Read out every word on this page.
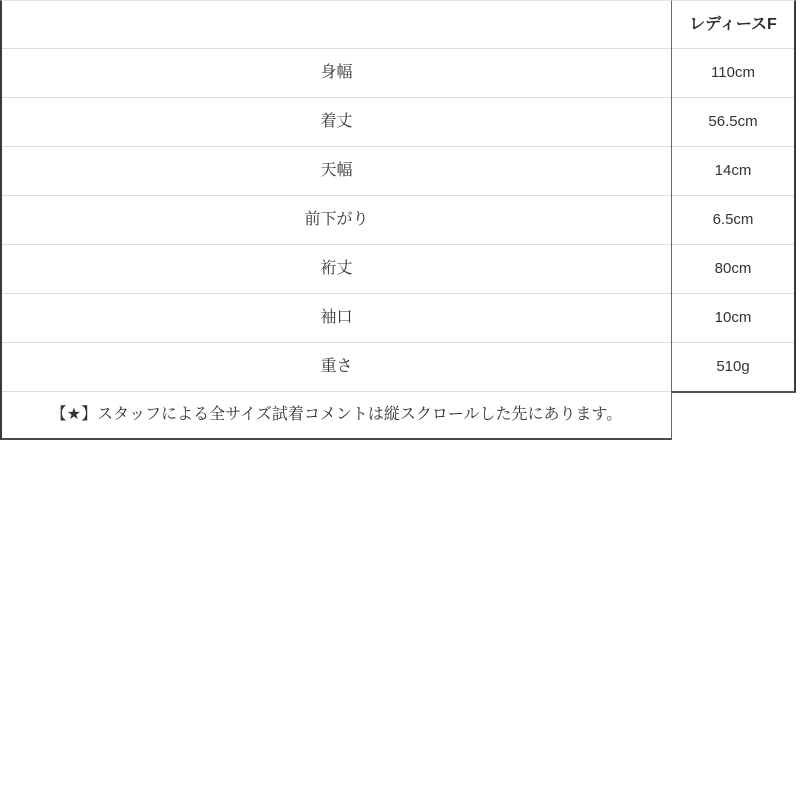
身幅
着丈
天幅
前下がり
裄丈
袖口
重さ
【★】スタッフによる全サイズ試着コメントは縦スクロールした先にあります。
レディースF
110cm
56.5cm
14cm
6.5cm
80cm
10cm
510g
